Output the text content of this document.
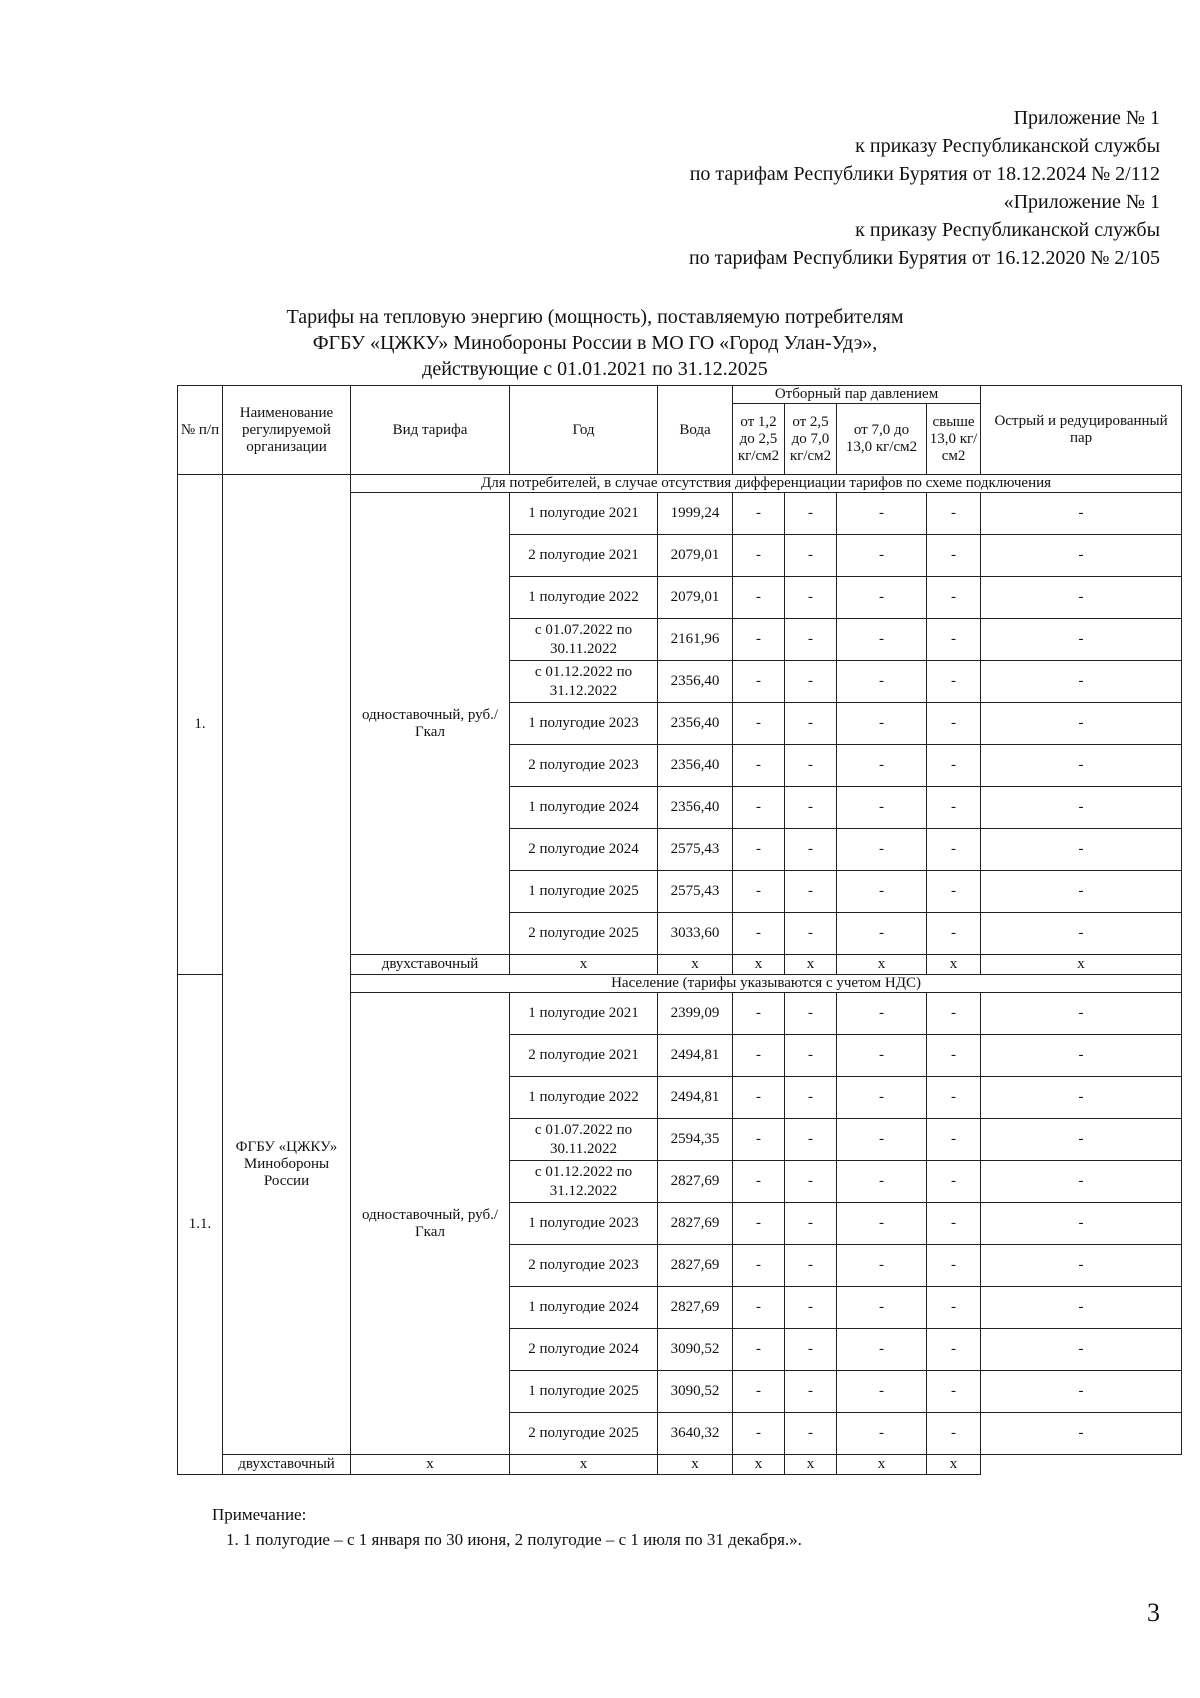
Приложение № 1
к приказу Республиканской службы
по тарифам Республики Бурятия от 18.12.2024 № 2/112
«Приложение № 1
к приказу Республиканской службы
по тарифам Республики Бурятия от 16.12.2020 № 2/105
Тарифы на тепловую энергию (мощность), поставляемую потребителям
ФГБУ «ЦЖКУ» Минобороны России в МО ГО «Город Улан-Удэ»,
действующие с 01.01.2021 по 31.12.2025
№ п/п	Наименование регулируемой организации	Вид тарифа	Год	Вода	Отборный пар давлением				Острый и редуцированный пар
					от 1,2 до 2,5 кг/см2	от 2,5 до 7,0 кг/см2	от 7,0 до 13,0 кг/см2	свыше 13,0 кг/см2	
1.	ФГБУ «ЦЖКУ» Минобороны России	Для потребителей, в случае отсутствия дифференциации тарифов по схеме подключения							
		одноставочный, руб./Гкал	1 полугодие 2021	1999,24	-	-	-	-	-
			2 полугодие 2021	2079,01	-	-	-	-	-
			1 полугодие 2022	2079,01	-	-	-	-	-
			с 01.07.2022 по 30.11.2022	2161,96	-	-	-	-	-
			с 01.12.2022 по 31.12.2022	2356,40	-	-	-	-	-
			1 полугодие 2023	2356,40	-	-	-	-	-
			2 полугодие 2023	2356,40	-	-	-	-	-
			1 полугодие 2024	2356,40	-	-	-	-	-
			2 полугодие 2024	2575,43	-	-	-	-	-
			1 полугодие 2025	2575,43	-	-	-	-	-
			2 полугодие 2025	3033,60	-	-	-	-	-
		двухставочный	x	x	x	x	x	x	x
1.1.		Население (тарифы указываются с учетом НДС)							
		одноставочный, руб./Гкал	1 полугодие 2021	2399,09	-	-	-	-	-
			2 полугодие 2021	2494,81	-	-	-	-	-
			1 полугодие 2022	2494,81	-	-	-	-	-
			с 01.07.2022 по 30.11.2022	2594,35	-	-	-	-	-
			с 01.12.2022 по 31.12.2022	2827,69	-	-	-	-	-
			1 полугодие 2023	2827,69	-	-	-	-	-
			2 полугодие 2023	2827,69	-	-	-	-	-
			1 полугодие 2024	2827,69	-	-	-	-	-
			2 полугодие 2024	3090,52	-	-	-	-	-
			1 полугодие 2025	3090,52	-	-	-	-	-
			2 полугодие 2025	3640,32	-	-	-	-	-
	двухставочный	x	x	x	x	x	x	x	
Примечание:
1. 1 полугодие – с 1 января по 30 июня, 2 полугодие – с 1 июля по 31 декабря.».
3
